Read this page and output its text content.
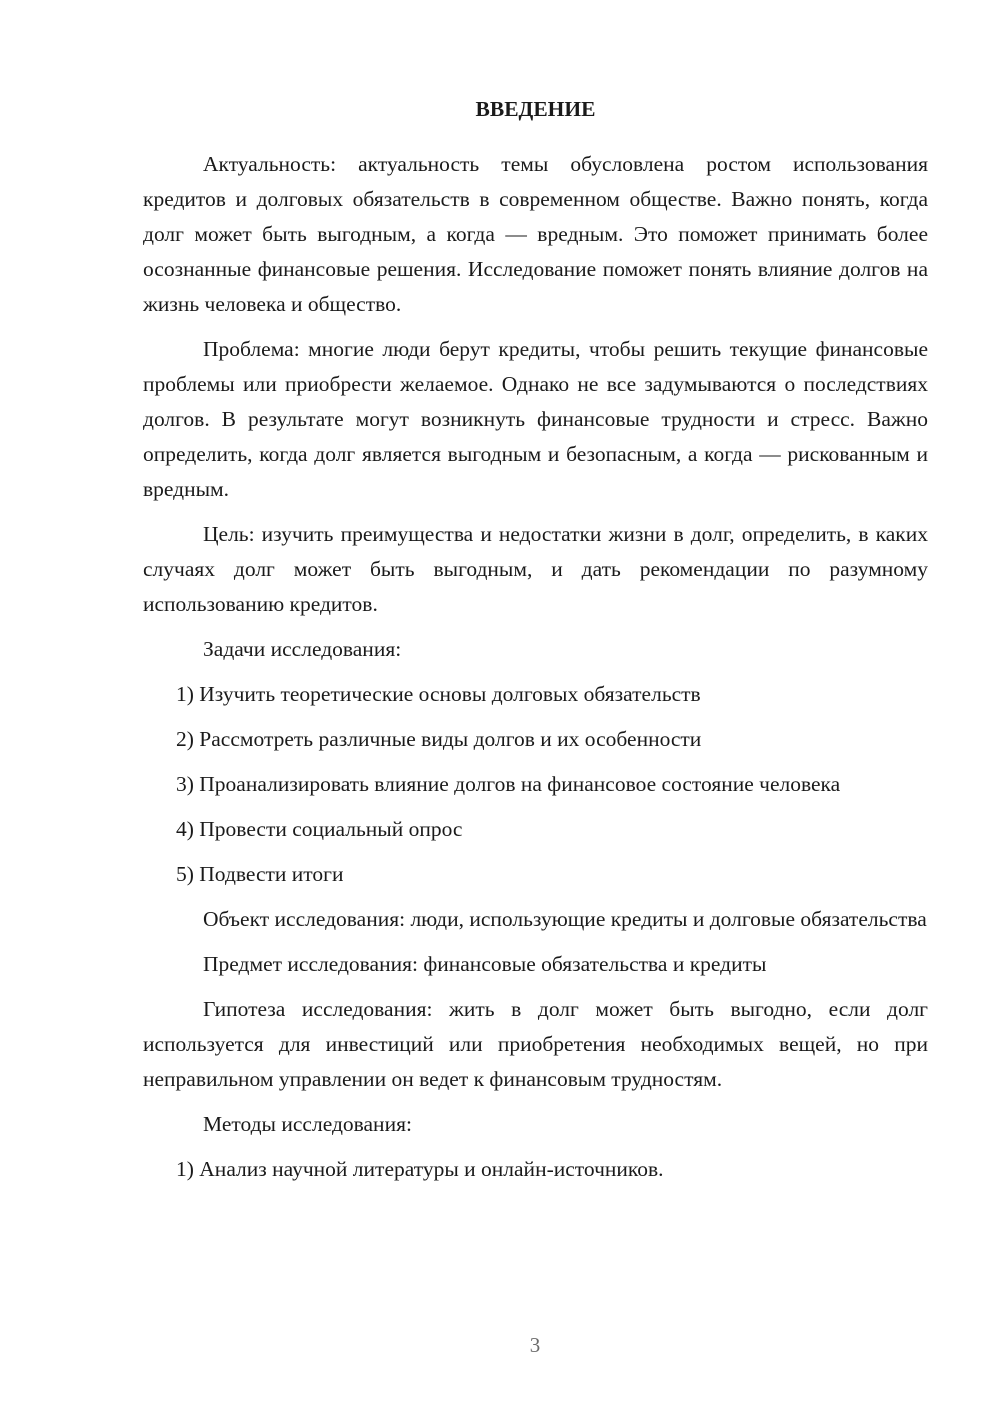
ВВЕДЕНИЕ
Актуальность: актуальность темы обусловлена ростом использования кредитов и долговых обязательств в современном обществе. Важно понять, когда долг может быть выгодным, а когда — вредным. Это поможет принимать более осознанные финансовые решения. Исследование поможет понять влияние долгов на жизнь человека и общество.
Проблема: многие люди берут кредиты, чтобы решить текущие финансовые проблемы или приобрести желаемое. Однако не все задумываются о последствиях долгов. В результате могут возникнуть финансовые трудности и стресс. Важно определить, когда долг является выгодным и безопасным, а когда — рискованным и вредным.
Цель: изучить преимущества и недостатки жизни в долг, определить, в каких случаях долг может быть выгодным, и дать рекомендации по разумному использованию кредитов.
Задачи исследования:
1) Изучить теоретические основы долговых обязательств
2) Рассмотреть различные виды долгов и их особенности
3) Проанализировать влияние долгов на финансовое состояние человека
4) Провести социальный опрос
5) Подвести итоги
Объект исследования: люди, использующие кредиты и долговые обязательства
Предмет исследования: финансовые обязательства и кредиты
Гипотеза исследования: жить в долг может быть выгодно, если долг используется для инвестиций или приобретения необходимых вещей, но при неправильном управлении он ведет к финансовым трудностям.
Методы исследования:
1) Анализ научной литературы и онлайн-источников.
3
